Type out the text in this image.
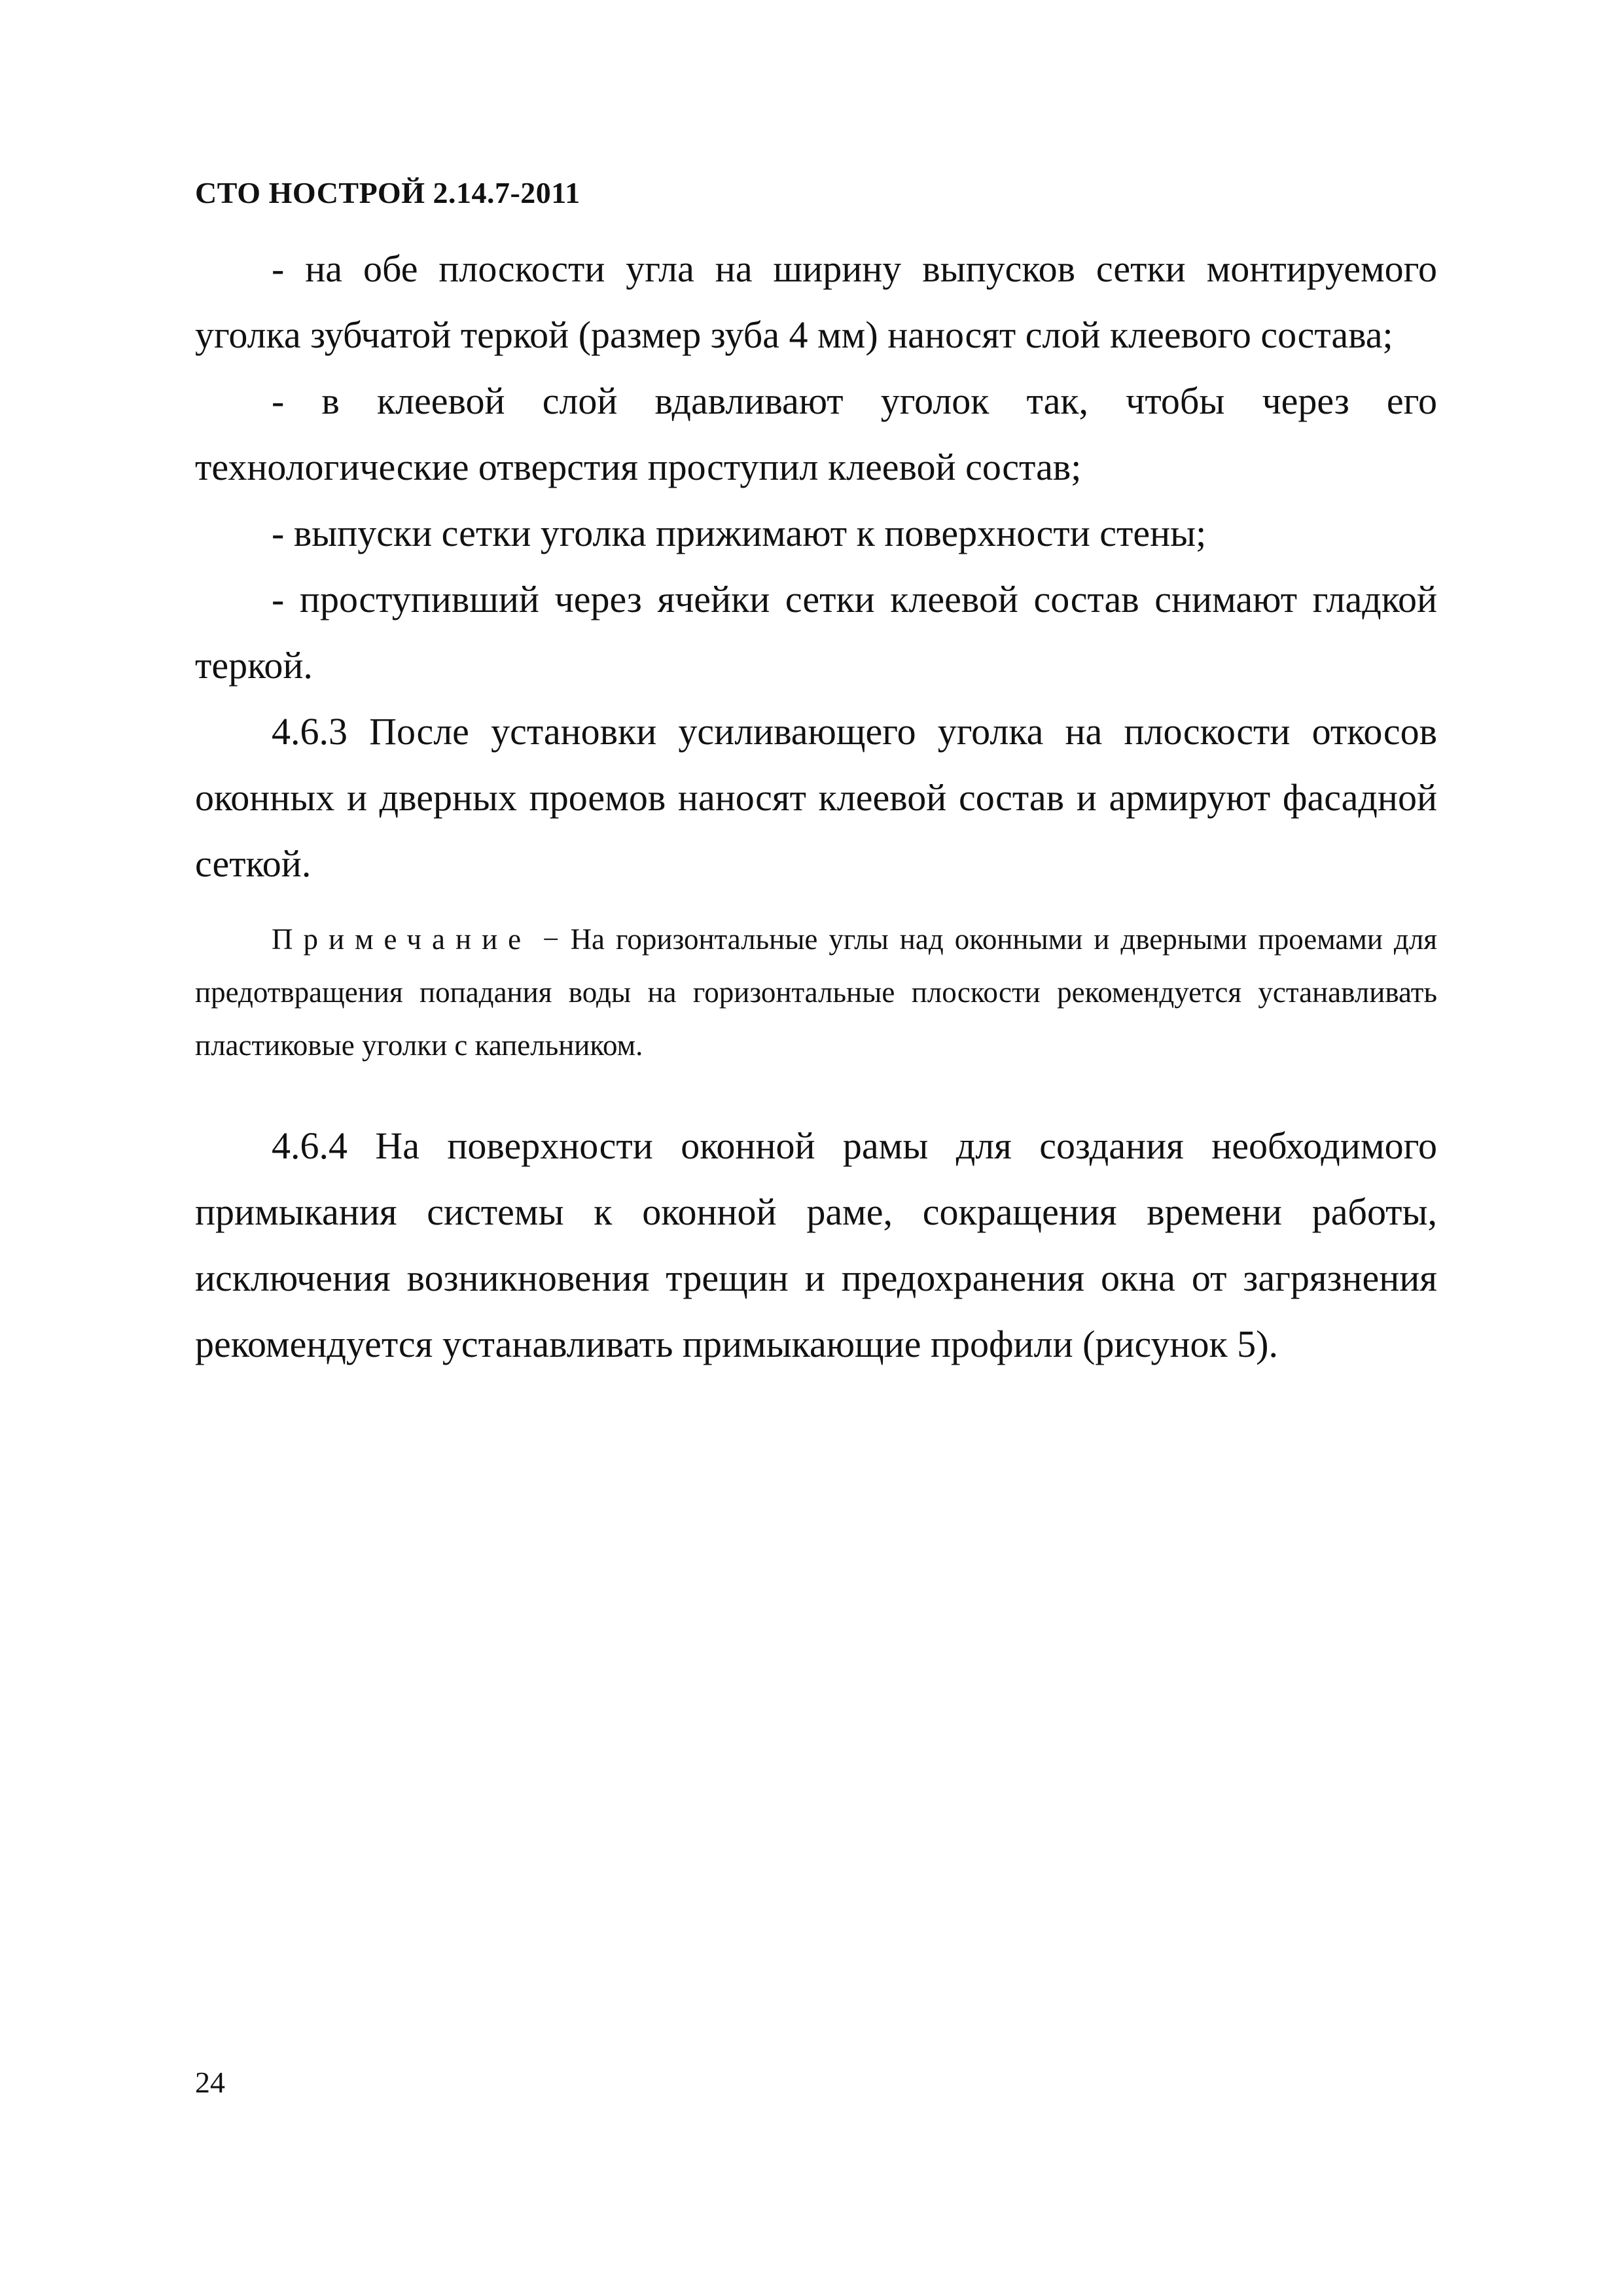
СТО НОСТРОЙ 2.14.7-2011

- на обе плоскости угла на ширину выпусков сетки монтируемого уголка зубчатой теркой (размер зуба 4 мм) наносят слой клеевого состава;

- в клеевой слой вдавливают уголок так, чтобы через его технологические отверстия проступил клеевой состав;

- выпуски сетки уголка прижимают к поверхности стены;

- проступивший через ячейки сетки клеевой состав снимают гладкой теркой.

4.6.3 После установки усиливающего уголка на плоскости откосов оконных и дверных проемов наносят клеевой состав и армируют фасадной сеткой.

Примечание − На горизонтальные углы над оконными и дверными проемами для предотвращения попадания воды на горизонтальные плоскости рекомендуется устанавливать пластиковые уголки с капельником.

4.6.4 На поверхности оконной рамы для создания необходимого примыкания системы к оконной раме, сокращения времени работы, исключения возникновения трещин и предохранения окна от загрязнения рекомендуется устанавливать примыкающие профили (рисунок 5).

24
